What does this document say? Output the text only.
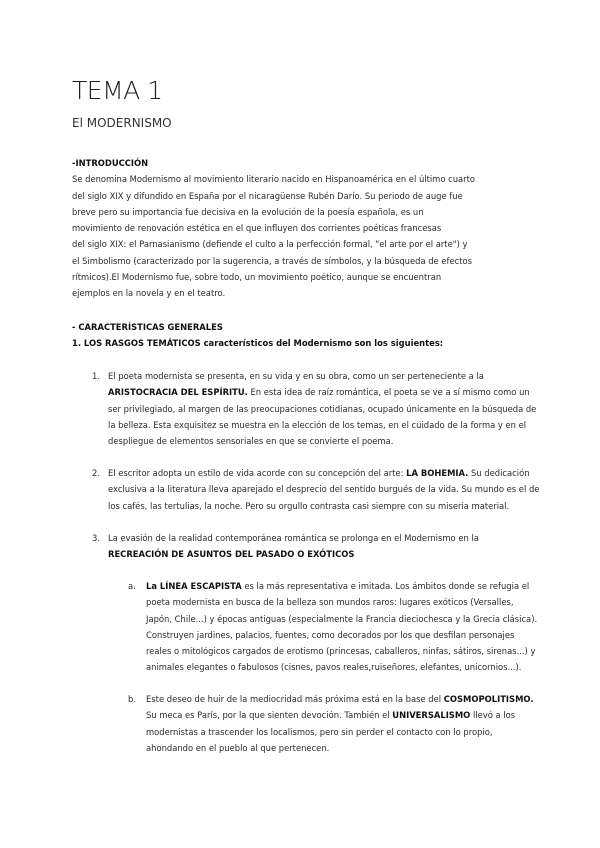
TEMA 1
El MODERNISMO
-INTRODUCCIÓN
Se denomina Modernismo al movimiento literario nacido en Hispanoamérica en el último cuarto
del siglo XIX y difundido en España por el nicaragüense Rubén Darío. Su periodo de auge fue
breve pero su importancia fue decisiva en la evolución de la poesía española, es un
movimiento de renovación estética en el que influyen dos corrientes poéticas francesas
del siglo XIX: el Parnasianismo (defiende el culto a la perfección formal, "el arte por el arte") y
el Simbolismo (caracterizado por la sugerencia, a través de símbolos, y la búsqueda de efectos
rítmicos).El Modernismo fue, sobre todo, un movimiento poético, aunque se encuentran
ejemplos en la novela y en el teatro.
- CARACTERÍSTICAS GENERALES
1. LOS RASGOS TEMÁTICOS característicos del Modernismo son los siguientes:
1. El poeta modernista se presenta, en su vida y en su obra, como un ser perteneciente a la
ARISTOCRACIA DEL ESPÍRITU. En esta idea de raíz romántica, el poeta se ve a sí mismo como un
ser privilegiado, al margen de las preocupaciones cotidianas, ocupado únicamente en la búsqueda de
la belleza. Esta exquisitez se muestra en la elección de los temas, en el cuidado de la forma y en el
despliegue de elementos sensoriales en que se convierte el poema.
2. El escritor adopta un estilo de vida acorde con su concepción del arte: LA BOHEMIA. Su dedicación
exclusiva a la literatura lleva aparejado el desprecio del sentido burgués de la vida. Su mundo es el de
los cafés, las tertulias, la noche. Pero su orgullo contrasta casi siempre con su miseria material.
3. La evasión de la realidad contemporánea romántica se prolonga en el Modernismo en la
RECREACIÓN DE ASUNTOS DEL PASADO O EXÓTICOS
a. La LÍNEA ESCAPISTA es la más representativa e imitada. Los ámbitos donde se refugia el
poeta modernista en busca de la belleza son mundos raros: lugares exóticos (Versalles,
Japón, Chile...) y épocas antiguas (especialmente la Francia dieciochesca y la Grecia clásica).
Construyen jardines, palacios, fuentes, como decorados por los que desfilan personajes
reales o mitológicos cargados de erotismo (princesas, caballeros, ninfas, sátiros, sirenas...) y
animales elegantes o fabulosos (cisnes, pavos reales,ruiseñores, elefantes, unicornios...).
b. Este deseo de huir de la mediocridad más próxima está en la base del COSMOPOLITISMO.
Su meca es París, por la que sienten devoción. También el UNIVERSALISMO llevó a los
modernistas a trascender los localismos, pero sin perder el contacto con lo propio,
ahondando en el pueblo al que pertenecen.
